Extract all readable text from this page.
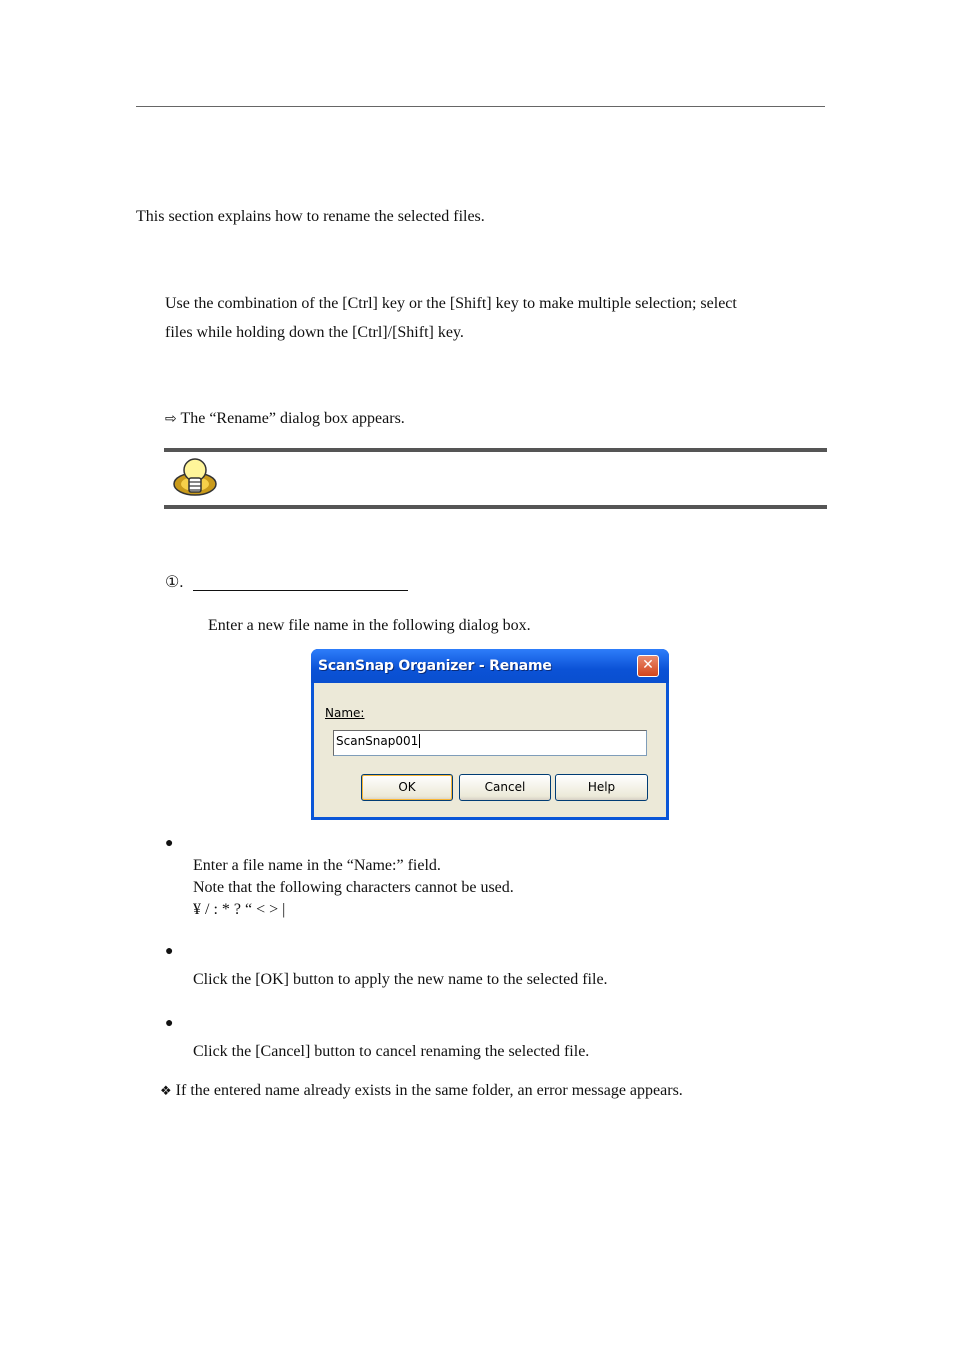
This section explains how to rename the selected files.
Use the combination of the [Ctrl] key or the [Shift] key to make multiple selection; select
files while holding down the [Ctrl]/[Shift] key.
⇨ The “Rename” dialog box appears.
①.
Enter a new file name in the following dialog box.
ScanSnap Organizer - Rename	✕
Name:
ScanSnap001
OK	Cancel	Help
●
Enter a file name in the “Name:” field.
Note that the following characters cannot be used.
¥ / : * ? “ < > |
●
Click the [OK] button to apply the new name to the selected file.
●
Click the [Cancel] button to cancel renaming the selected file.
❖ If the entered name already exists in the same folder, an error message appears.
